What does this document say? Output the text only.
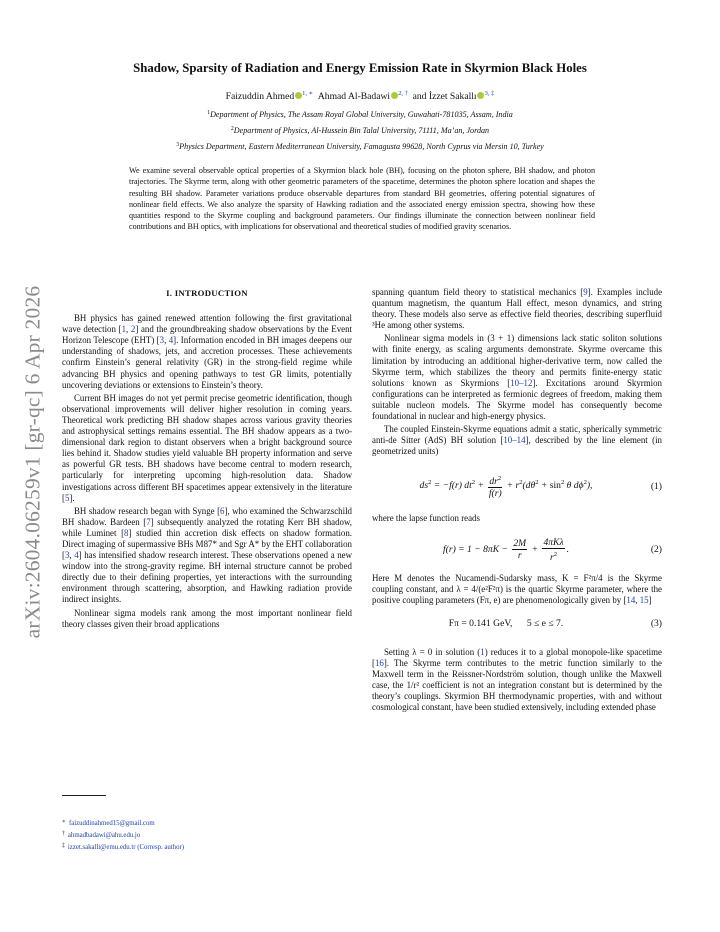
arXiv:2604.06259v1 [gr-qc] 6 Apr 2026
Shadow, Sparsity of Radiation and Energy Emission Rate in Skyrmion Black Holes
Faizuddin Ahmed $^{1, ∗}$ Ahmad Al-Badawi $^{2, \dagger}$ and İzzet Sakallı $^{3, \ddagger}$
$^1$Department of Physics, The Assam Royal Global University, Guwahati-781035, Assam, India
$^2$Department of Physics, Al-Hussein Bin Talal University, 71111, Ma’an, Jordan
$^3$Physics Department, Eastern Mediterranean University, Famagusta 99628, North Cyprus via Mersin 10, Turkey
We examine several observable optical properties of a Skyrmion black hole (BH), focusing on the photon sphere, BH shadow, and photon trajectories. The Skyrme term, along with other geometric parameters of the spacetime, determines the photon sphere location and shapes the resulting BH shadow. Parameter variations produce observable departures from standard BH geometries, offering potential signatures of nonlinear field effects. We also analyze the sparsity of Hawking radiation and the associated energy emission spectra, showing how these quantities respond to the Skyrme coupling and background parameters. Our findings illuminate the connection between nonlinear field contributions and BH optics, with implications for observational and theoretical studies of modified gravity scenarios.
I. INTRODUCTION

BH physics has gained renewed attention following the first gravitational wave detection [1, 2] and the groundbreaking shadow observations by the Event Horizon Telescope (EHT) [3, 4]. Information encoded in BH images deepens our understanding of shadows, jets, and accretion processes. These achievements confirm Einstein’s general relativity (GR) in the strong-field regime while advancing BH physics and opening pathways to test GR limits, potentially uncovering deviations or extensions to Einstein’s theory.

Current BH images do not yet permit precise geometric identification, though observational improvements will deliver higher resolution in coming years. Theoretical work predicting BH shadow shapes across various gravity theories and astrophysical settings remains essential. The BH shadow appears as a two-dimensional dark region to distant observers when a bright background source lies behind it. Shadow studies yield valuable BH property information and serve as powerful GR tests. BH shadows have become central to modern research, particularly for interpreting upcoming high-resolution data. Shadow investigations across different BH spacetimes appear extensively in the literature [5].

BH shadow research began with Synge [6], who examined the Schwarzschild BH shadow. Bardeen [7] subsequently analyzed the rotating Kerr BH shadow, while Luminet [8] studied thin accretion disk effects on shadow formation. Direct imaging of supermassive BHs M87* and Sgr A* by the EHT collaboration [3, 4] has intensified shadow research interest. These observations opened a new window into the strong-gravity regime. BH internal structure cannot be probed directly due to their defining properties, yet interactions with the surrounding environment through scattering, absorption, and Hawking radiation provide indirect insights.

Nonlinear sigma models rank among the most important nonlinear field theory classes given their broad applications

∗ faizuddinahmed15@gmail.com
† ahmadbadawi@ahu.edu.jo
‡ izzet.sakalli@emu.edu.tr (Corresp. author)

spanning quantum field theory to statistical mechanics [9]. Examples include quantum magnetism, the quantum Hall effect, meson dynamics, and string theory. These models also serve as effective field theories, describing superfluid ³He among other systems.

Nonlinear sigma models in (3 + 1) dimensions lack static soliton solutions with finite energy, as scaling arguments demonstrate. Skyrme overcame this limitation by introducing an additional higher-derivative term, now called the Skyrme term, which stabilizes the theory and permits finite-energy static solutions known as Skyrmions [10–12]. Excitations around Skyrmion configurations can be interpreted as fermionic degrees of freedom, making them suitable nucleon models. The Skyrme model has consequently become foundational in nuclear and high-energy physics.

The coupled Einstein-Skyrme equations admit a static, spherically symmetric anti-de Sitter (AdS) BH solution [10–14], described by the line element (in geometrized units)

$ds^2 = -f(r) dt^2 + \frac{dr^2}{f(r)} + r^2(d\theta^2 + \sin^2 \theta$ $d\phi^2$),	(1)

where the lapse function reads

$f(r) = 1 - 8\pi K - \frac{2M}{r} + \frac{\text{4πKλ}}{r^2}$ .	(2)

Here M denotes the Nucamendi-Sudarsky mass, K = F²π/4 is the Skyrme coupling constant, and λ = 4/(e²F²π) is the quartic Skyrme parameter, where the positive coupling parameters (Fπ, e) are phenomenologically given by [14, 15]

Fπ = 0.141 GeV, 5 ≤ e ≤ 7.	(3)

Setting λ = 0 in solution (1) reduces it to a global monopole-like spacetime [16]. The Skyrme term contributes to the metric function similarly to the Maxwell term in the Reissner-Nordström solution, though unlike the Maxwell case, the 1/r² coefficient is not an integration constant but is determined by the theory’s couplings. Skyrmion BH thermodynamic properties, with and without cosmological constant, have been studied extensively, including extended phase
